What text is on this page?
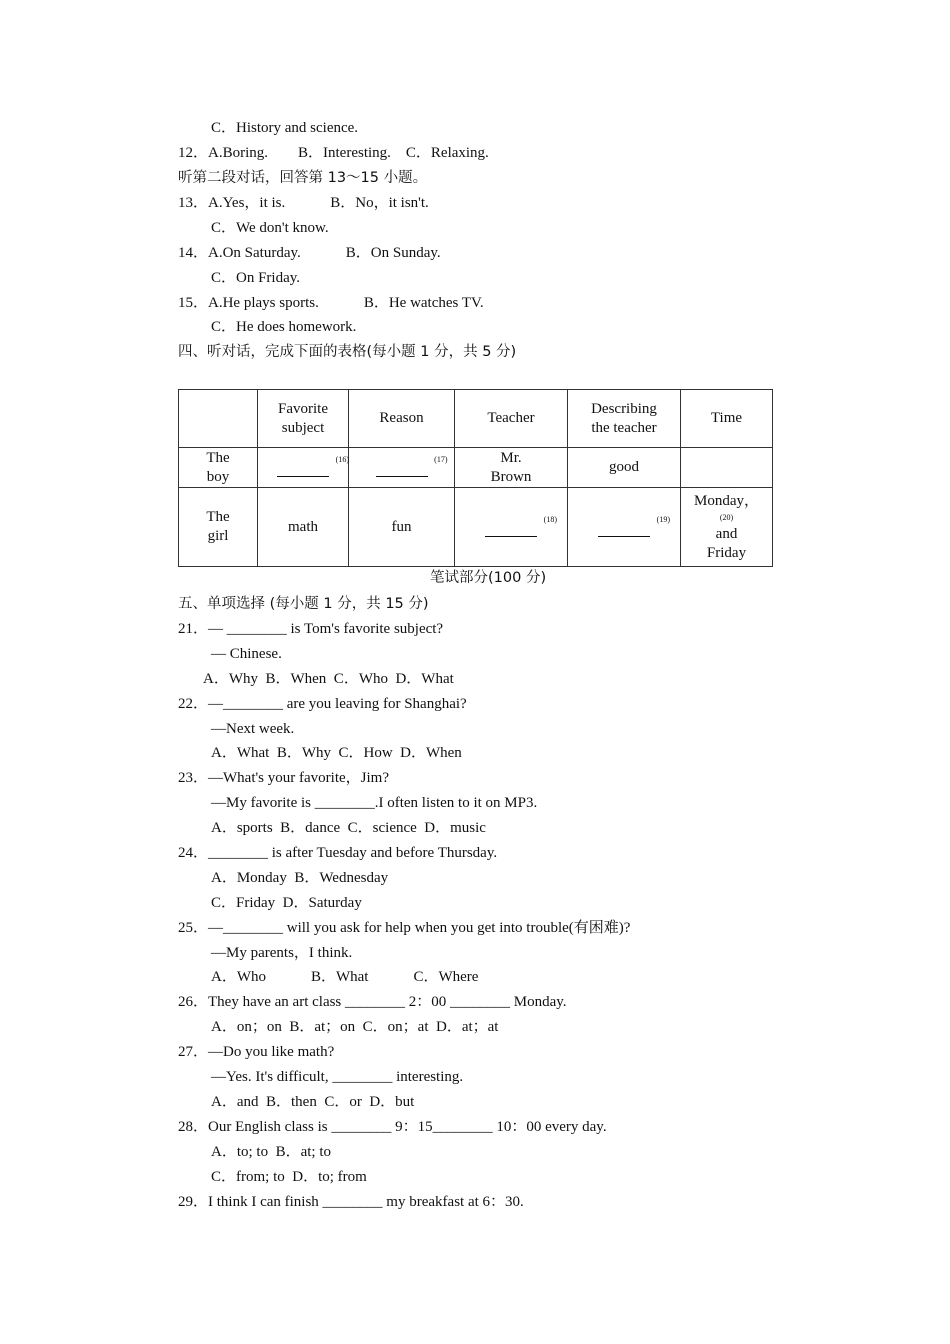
C．History and science.
12．A.Boring.　　B．Interesting.　C．Relaxing.
听第二段对话，回答第 13～15 小题。
13．A.Yes，it is.　　　B．No，it isn't.
C．We don't know.
14．A.On Saturday.　　　B．On Sunday.
C．On Friday.
15．A.He plays sports.　　　B．He watches TV.
C．He does homework.
四、听对话，完成下面的表格(每小题 1 分，共 5 分)
	Favorite subject	Reason	Teacher	Describing the teacher	Time
The boy	(16)	(17)	Mr. Brown	good	
The girl	math	fun	(18)	(19)	Monday，
(20)
and
Friday
笔试部分(100 分)
五、单项选择 (每小题 1 分，共 15 分)
21．— ________ is Tom's favorite subject?
— Chinese.
A．Why  B．When  C．Who  D．What
22．—________ are you leaving for Shanghai?
—Next week.
A．What  B．Why  C．How  D．When
23．—What's your favorite，Jim?
—My favorite is ________.I often listen to it on MP3.
A．sports  B．dance  C．science  D．music
24．________ is after Tuesday and before Thursday.
A．Monday  B．Wednesday
C．Friday  D．Saturday
25．—________ will you ask for help when you get into trouble(有困难)?
—My parents，I think.
A．Who　　　B．What　　　C．Where
26．They have an art class ________ 2：00 ________ Monday.
A．on；on  B．at；on  C．on；at  D．at；at
27．—Do you like math?
—Yes. It's difficult, ________ interesting.
A．and  B．then  C．or  D．but
28．Our English class is ________ 9：15________ 10：00 every day.
A．to; to  B．at; to
C．from; to  D．to; from
29．I think I can finish ________ my breakfast at 6：30.
